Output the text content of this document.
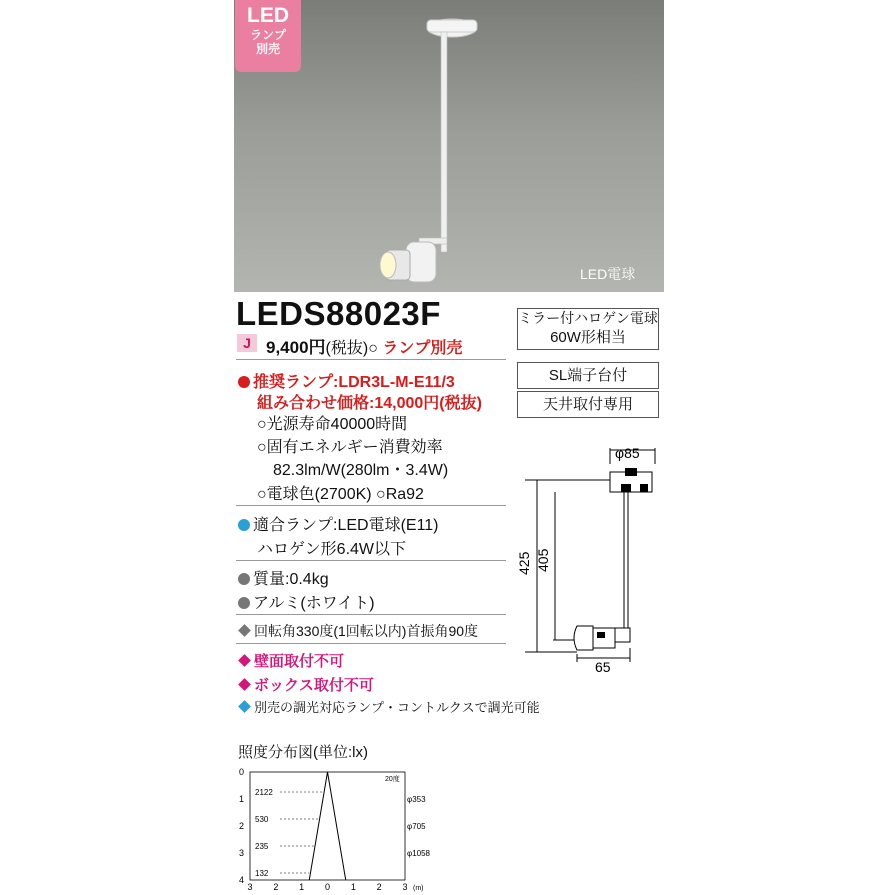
LED
ランプ
別売
LED電球
LEDS88023F
J 9,400円(税抜)○ ランプ別売
ミラー付ハロゲン電球
60W形相当
SL端子台付
天井取付専用
推奨ランプ:LDR3L-M-E11/3
組み合わせ価格:14,000円(税抜)
○光源寿命40000時間
○固有エネルギー消費効率
82.3lm/W(280lm・3.4W)
○電球色(2700K) ○Ra92
適合ランプ:LED電球(E11)
ハロゲン形6.4W以下
質量:0.4kg
アルミ(ホワイト)
回転角330度(1回転以内)首振角90度
壁面取付不可
ボックス取付不可
別売の調光対応ランプ・コントルクスで調光可能
φ85
425 405
65
照度分布図(単位:lx)
0
1
2
3
4
3 2 1 0 1 2 3 (m)
20度
2122
530
235
132
φ353
φ705
φ1058
